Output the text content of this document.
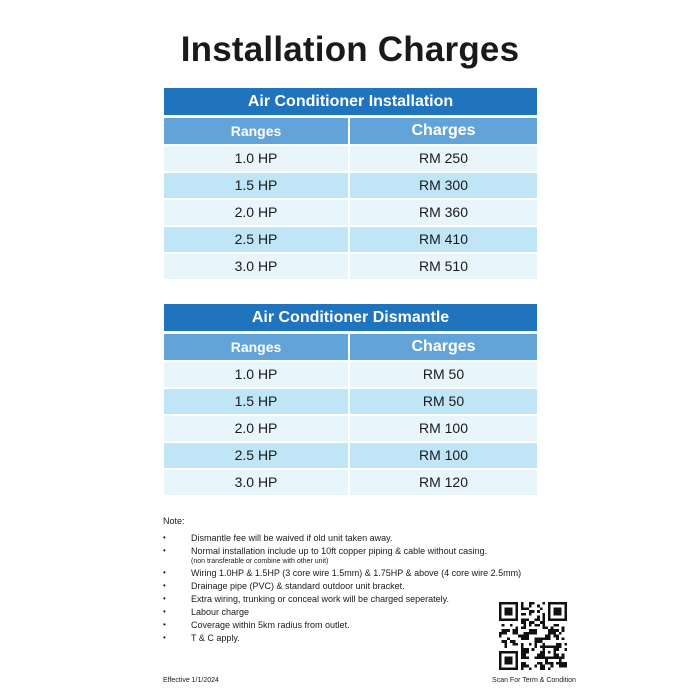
Installation Charges
Air Conditioner Installation
Ranges	Charges
1.0 HP	RM 250
1.5 HP	RM 300
2.0 HP	RM 360
2.5 HP	RM 410
3.0 HP	RM 510
Air Conditioner Dismantle
Ranges	Charges
1.0 HP	RM 50
1.5 HP	RM 50
2.0 HP	RM 100
2.5 HP	RM 100
3.0 HP	RM 120
Note:
•	Dismantle fee will be waived if old unit taken away.
•	Normal installation include up to 10ft copper piping & cable without casing.
(non transferable or combine with other unit)
•	Wiring 1.0HP & 1.5HP (3 core wire 1.5mm) & 1.75HP & above (4 core wire 2.5mm)
•	Drainage pipe (PVC) & standard outdoor unit bracket.
•	Extra wiring, trunking or conceal work will be charged seperately.
•	Labour charge
•	Coverage within 5km radius from outlet.
•	T & C apply.
Scan For Term & Condition
Effective 1/1/2024
